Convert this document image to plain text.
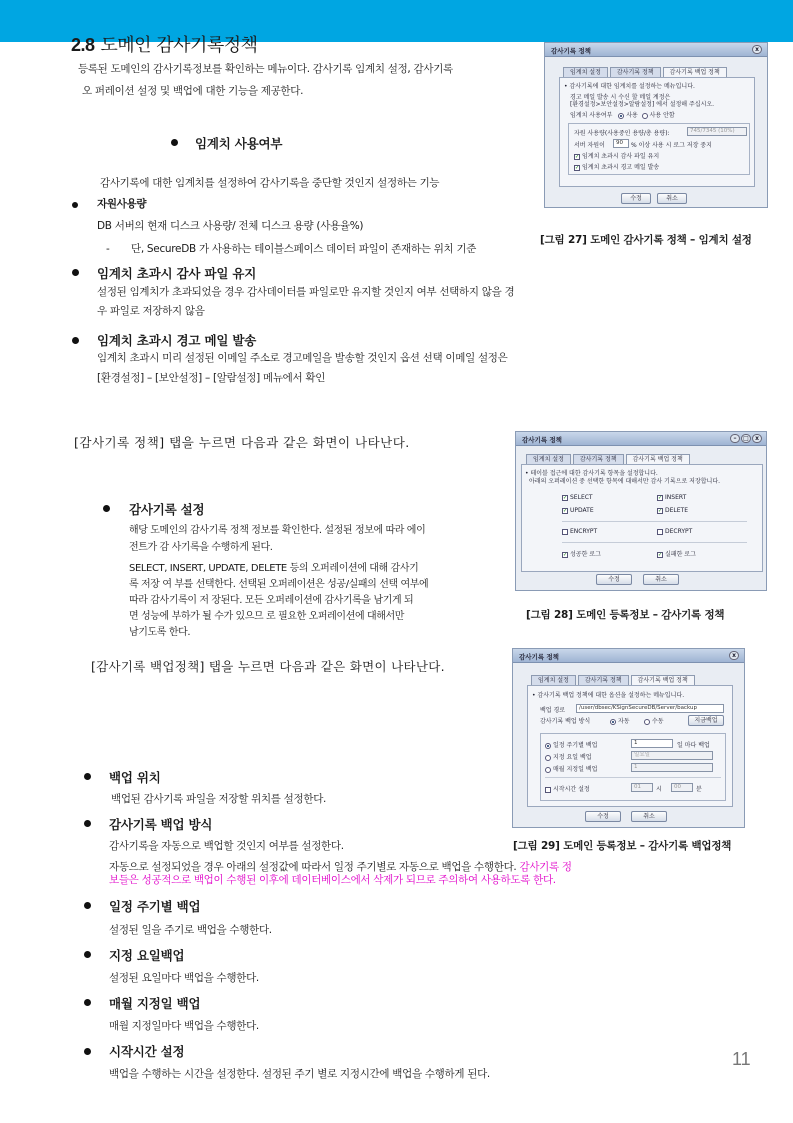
2.8 도메인 감사기록정책
등록된 도메인의 감사기록정보를 확인하는 메뉴이다. 감사기록 임계치 설정, 감사기록
오 퍼레이션 설정 및 백업에 대한 기능을 제공한다.
임계치 사용여부
감사기록에 대한 임계치를 설정하여 감사기록을 중단할 것인지 설정하는 기능
자원사용량
DB 서버의 현재 디스크 사용량/ 전체 디스크 용량 (사용율%)
- 단, SecureDB 가 사용하는 테이블스페이스 데이터 파일이 존재하는 위치 기준
임계치 초과시 감사 파일 유지
설정된 임계치가 초과되었을 경우 감사데이터를 파일로만 유지할 것인지 여부 선택하지 않을 경
우 파일로 저장하지 않음
임계치 초과시 경고 메일 발송
임계치 초과시 미리 설정된 이메일 주소로 경고메일을 발송할 것인지 옵션 선택 이메일 설정은
[환경설정] – [보안설정] – [알람설정] 메뉴에서 확인
감사기록 정책	x
임계치 설정	감사기록 정책	감사기록 백업 정책
• 감사기록에 대한 임계치를 설정하는 메뉴입니다.
경고 메일 발송 시 수신 할 메일 계정은
[환경설정>보안설정>알람설정] 에서 설정해 주십시오.
임계치 사용여부 사용 사용 안함
자원 사용량(사용중인 용량/총 용량):	745/7345 (10%)
서버 자원이	90	% 이상 사용 시 로그 저장 중지
✓ 임계치 초과시 감사 파일 유지
✓ 임계치 초과시 경고 메일 발송
수정	취소
[그림 27] 도메인 감사기록 정책 – 임계치 설정
[감사기록 정책] 탭을 누르면 다음과 같은 화면이 나타난다.
감사기록 설정
해당 도메인의 감사기록 정책 정보를 확인한다. 설정된 정보에 따라 에이
전트가 감 사기록을 수행하게 된다.
SELECT, INSERT, UPDATE, DELETE 등의 오퍼레이션에 대해 감사기
록 저장 여 부를 선택한다. 선택된 오퍼레이션은 성공/실패의 선택 여부에
따라 감사기록이 저 장된다. 모든 오퍼레이션에 감사기록을 남기게 되
면 성능에 부하가 될 수가 있으므 로 필요한 오퍼레이션에 대해서만
남기도록 한다.
감사기록 정책	–	□	x
임계치 설정	감사기록 정책	감사기록 백업 정책
• 테이블 접근에 대한 감사기록 항목을 설정합니다.
아래의 오퍼레이션 중 선택한 항목에 대해서만 감사 기록으로 저장합니다.
✓ SELECT	✓ INSERT
✓ UPDATE	✓ DELETE
ENCRYPT	DECRYPT
✓ 성공한 로그	✓ 실패한 로그
수정	취소
[그림 28] 도메인 등록정보 – 감사기록 정책
[감사기록 백업정책] 탭을 누르면 다음과 같은 화면이 나타난다.
감사기록 정책	x
임계치 설정	감사기록 정책	감사기록 백업 정책
• 감사기록 백업 정책에 대한 옵션을 설정하는 메뉴입니다.
백업 경로	/user/dbsec/KSignSecureDB/Server/backup
감사기록 백업 방식	자동	수동	지금백업
일정 주기별 백업	1	일 마다 백업
지정 요일 백업	일요일
매월 지정일 백업	1
시작시간 설정	01	시	00	분
수정	취소
[그림 29] 도메인 등록정보 – 감사기록 백업정책
백업 위치
백업된 감사기록 파일을 저장할 위치를 설정한다.
감사기록 백업 방식
감사기록을 자동으로 백업할 것인지 여부를 설정한다.
자동으로 설정되었을 경우 아래의 설정값에 따라서 일정 주기별로 자동으로 백업을 수행한다. 감사기록 정
보들은 성공적으로 백업이 수행된 이후에 데이터베이스에서 삭제가 되므로 주의하여 사용하도록 한다.
일정 주기별 백업
설정된 일을 주기로 백업을 수행한다.
지정 요일백업
설정된 요일마다 백업을 수행한다.
매월 지정일 백업
매월 지정일마다 백업을 수행한다.
시작시간 설정
백업을 수행하는 시간을 설정한다. 설정된 주기 별로 지정시간에 백업을 수행하게 된다.
11
